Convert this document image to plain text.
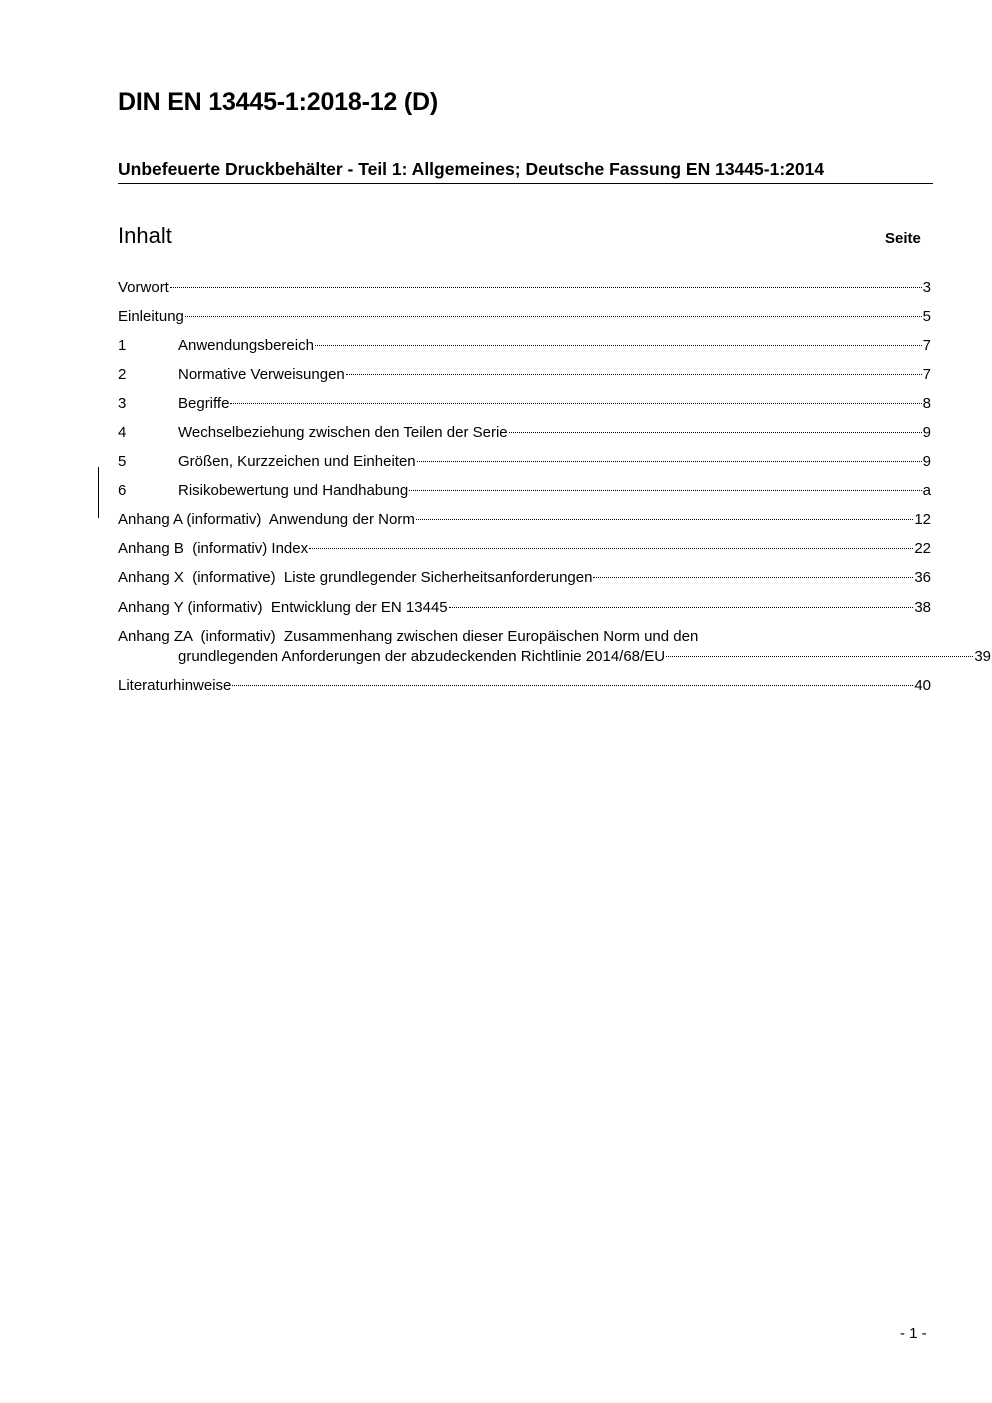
DIN EN 13445-1:2018-12 (D)
Unbefeuerte Druckbehälter - Teil 1: Allgemeines; Deutsche Fassung EN 13445-1:2014
Inhalt	Seite
Vorwort	3
Einleitung	5
1	Anwendungsbereich	7
2	Normative Verweisungen	7
3	Begriffe	8
4	Wechselbeziehung zwischen den Teilen der Serie	9
5	Größen, Kurzzeichen und Einheiten	9
6	Risikobewertung und Handhabung	a
Anhang A (informativ)  Anwendung der Norm	12
Anhang B  (informativ) Index	22
Anhang X  (informative)  Liste grundlegender Sicherheitsanforderungen	36
Anhang Y (informativ)  Entwicklung der EN 13445	38
Anhang ZA  (informativ)  Zusammenhang zwischen dieser Europäischen Norm und den
grundlegenden Anforderungen der abzudeckenden Richtlinie 2014/68/EU	39
Literaturhinweise	40
- 1 -
